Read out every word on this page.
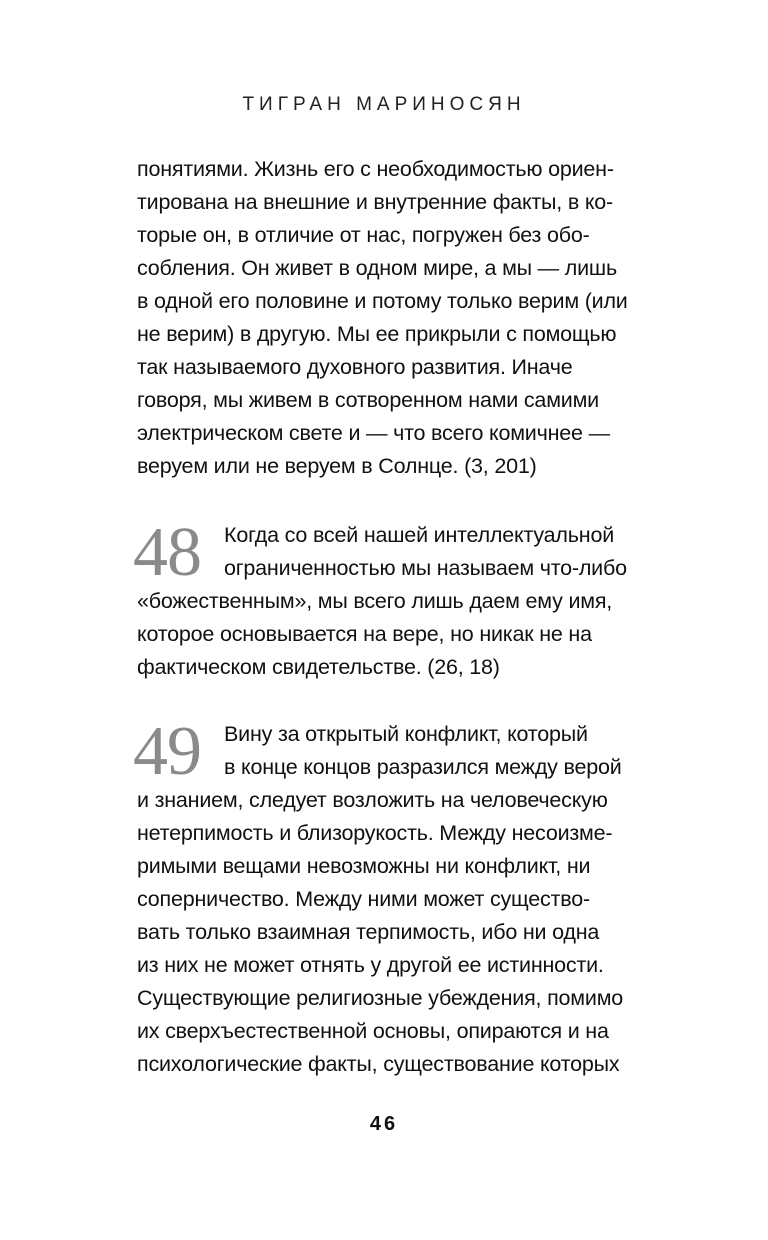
ТИГРАН МАРИНОСЯН
понятиями. Жизнь его с необходимостью ориен-
тирована на внешние и внутренние факты, в ко-
торые он, в отличие от нас, погружен без обо-
собления. Он живет в одном мире, а мы — лишь
в одной его половине и потому только верим (или
не верим) в другую. Мы ее прикрыли с помощью
так называемого духовного развития. Иначе
говоря, мы живем в сотворенном нами самими
электрическом свете и — что всего комичнее —
веруем или не веруем в Солнце. (3, 201)
48	Когда со всей нашей интеллектуальной
ограниченностью мы называем что-либо
«божественным», мы всего лишь даем ему имя,
которое основывается на вере, но никак не на
фактическом свидетельстве. (26, 18)
49	Вину за открытый конфликт, который
в конце концов разразился между верой
и знанием, следует возложить на человеческую
нетерпимость и близорукость. Между несоизме-
римыми вещами невозможны ни конфликт, ни
соперничество. Между ними может существо-
вать только взаимная терпимость, ибо ни одна
из них не может отнять у другой ее истинности.
Существующие религиозные убеждения, помимо
их сверхъестественной основы, опираются и на
психологические факты, существование которых
46
